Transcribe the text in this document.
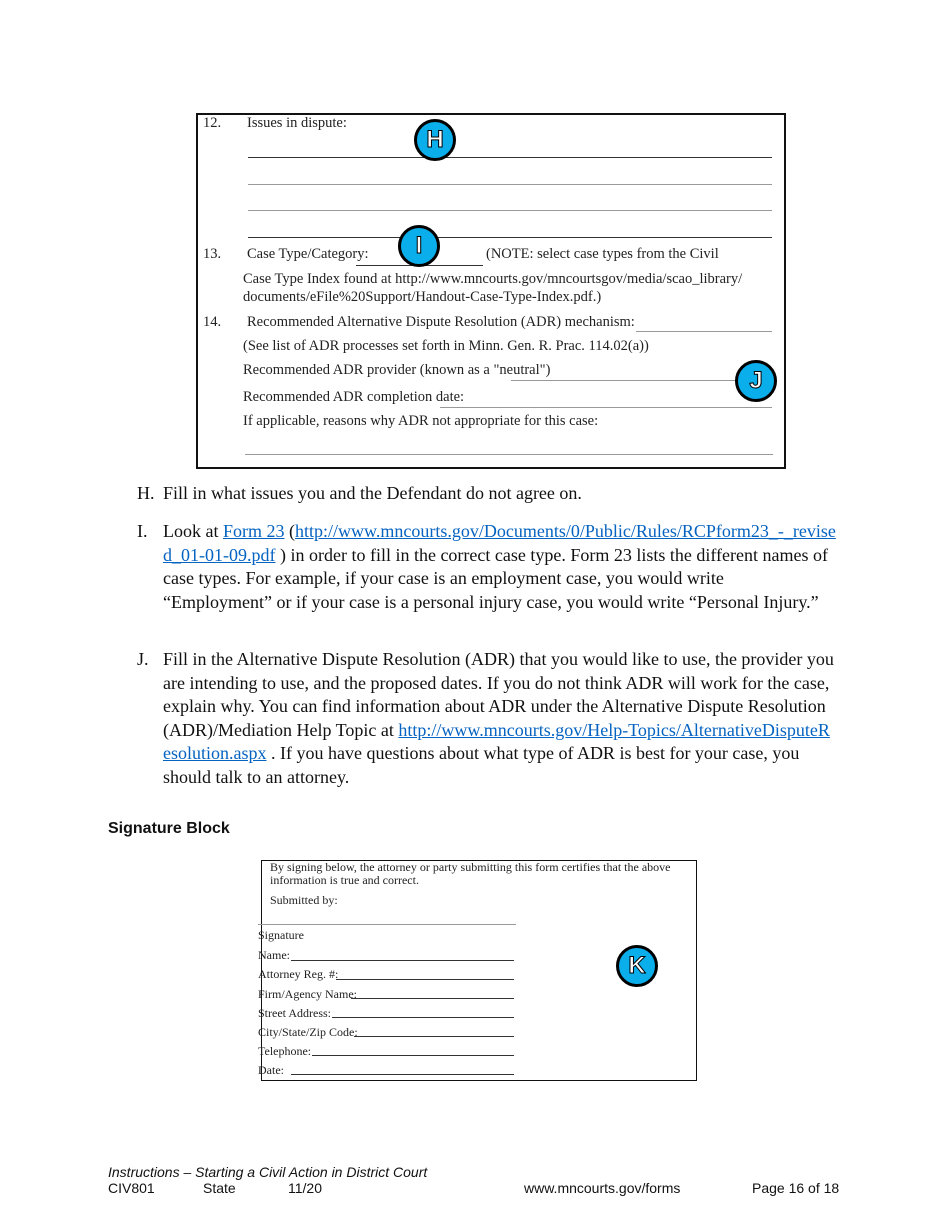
12. Issues in dispute:
H
13. Case Type/Category:	I	(NOTE: select case types from the Civil
Case Type Index found at http://www.mncourts.gov/mncourtsgov/media/scao_library/
documents/eFile%20Support/Handout-Case-Type-Index.pdf.)
14. Recommended Alternative Dispute Resolution (ADR) mechanism:
(See list of ADR processes set forth in Minn. Gen. R. Prac. 114.02(a))
Recommended ADR provider (known as a "neutral")	J
Recommended ADR completion date:
If applicable, reasons why ADR not appropriate for this case:
H. Fill in what issues you and the Defendant do not agree on.
I. Look at Form 23 (http://www.mncourts.gov/Documents/0/Public/Rules/RCPform23_-_revised_01-01-09.pdf ) in order to fill in the correct case type. Form 23 lists the different names of case types. For example, if your case is an employment case, you would write “Employment” or if your case is a personal injury case, you would write “Personal Injury.”
J. Fill in the Alternative Dispute Resolution (ADR) that you would like to use, the provider you are intending to use, and the proposed dates. If you do not think ADR will work for the case, explain why. You can find information about ADR under the Alternative Dispute Resolution (ADR)/Mediation Help Topic at http://www.mncourts.gov/Help-Topics/AlternativeDisputeResolution.aspx . If you have questions about what type of ADR is best for your case, you should talk to an attorney.
Signature Block
By signing below, the attorney or party submitting this form certifies that the above information is true and correct.
Submitted by:
Signature
Name:
Attorney Reg. #:
Firm/Agency Name:
Street Address:
City/State/Zip Code:
Telephone:
Date:
K
Instructions – Starting a Civil Action in District Court
CIV801	State	11/20	www.mncourts.gov/forms	Page 16 of 18
